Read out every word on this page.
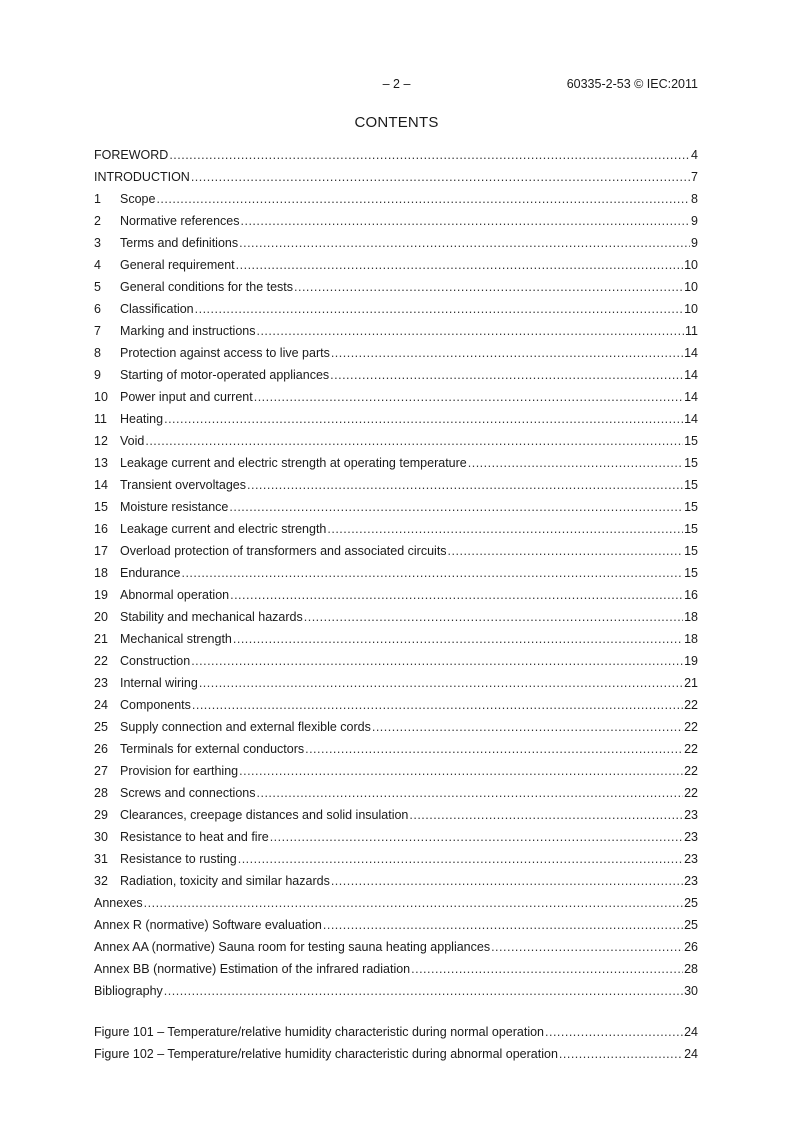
– 2 –	60335-2-53 © IEC:2011
CONTENTS
FOREWORD .....	4
INTRODUCTION .....	7
1	Scope .....	8
2	Normative references .....	9
3	Terms and definitions .....	9
4	General requirement .....	10
5	General conditions for the tests .....	10
6	Classification .....	10
7	Marking and instructions .....	11
8	Protection against access to live parts .....	14
9	Starting of motor-operated appliances .....	14
10 Power input and current .....	14
11	Heating .....	14
12 Void .....	15
13 Leakage current and electric strength at operating temperature .....	15
14 Transient overvoltages .....	15
15 Moisture resistance .....	15
16 Leakage current and electric strength .....	15
17 Overload protection of transformers and associated circuits .....	15
18 Endurance .....	15
19 Abnormal operation .....	16
20 Stability and mechanical hazards .....	18
21 Mechanical strength .....	18
22 Construction .....	19
23 Internal wiring .....	21
24 Components .....	22
25 Supply connection and external flexible cords .....	22
26 Terminals for external conductors .....	22
27 Provision for earthing .....	22
28 Screws and connections .....	22
29 Clearances, creepage distances and solid insulation .....	23
30 Resistance to heat and fire .....	23
31 Resistance to rusting .....	23
32 Radiation, toxicity and similar hazards .....	23
Annexes .....	25
Annex R (normative) Software evaluation .....	25
Annex AA (normative) Sauna room for testing sauna heating appliances .....	26
Annex BB (normative) Estimation of the infrared radiation .....	28
Bibliography .....	30
Figure 101 – Temperature/relative humidity characteristic during normal operation .....	24
Figure 102 – Temperature/relative humidity characteristic during abnormal operation .....	24
